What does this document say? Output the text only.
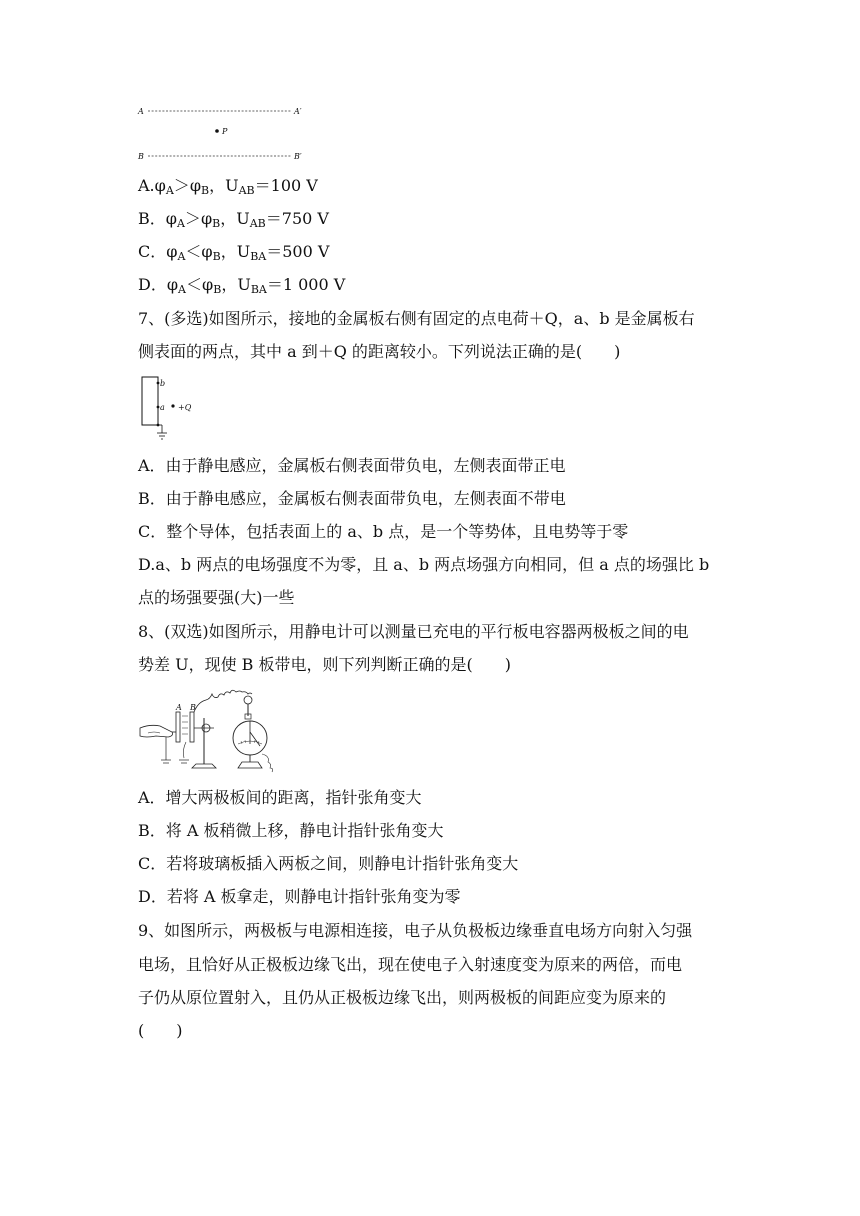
A	A′
P
B	B′
A.φA＞φB，UAB＝100 V
B．φA＞φB，UAB＝750 V
C．φA＜φB，UBA＝500 V
D．φA＜φB，UBA＝1 000 V
7、(多选)如图所示，接地的金属板右侧有固定的点电荷＋Q，a、b 是金属板右
侧表面的两点，其中 a 到＋Q 的距离较小。下列说法正确的是(　　)
b
a +Q
A．由于静电感应，金属板右侧表面带负电，左侧表面带正电
B．由于静电感应，金属板右侧表面带负电，左侧表面不带电
C．整个导体，包括表面上的 a、b 点，是一个等势体，且电势等于零
D.a、b 两点的电场强度不为零，且 a、b 两点场强方向相同，但 a 点的场强比 b
点的场强要强(大)一些
8、(双选)如图所示，用静电计可以测量已充电的平行板电容器两极板之间的电
势差 U，现使 B 板带电，则下列判断正确的是(　　)
A B
A．增大两极板间的距离，指针张角变大
B．将 A 板稍微上移，静电计指针张角变大
C．若将玻璃板插入两板之间，则静电计指针张角变大
D．若将 A 板拿走，则静电计指针张角变为零
9、如图所示，两极板与电源相连接，电子从负极板边缘垂直电场方向射入匀强
电场，且恰好从正极板边缘飞出，现在使电子入射速度变为原来的两倍，而电
子仍从原位置射入，且仍从正极板边缘飞出，则两极板的间距应变为原来的
(　　)
